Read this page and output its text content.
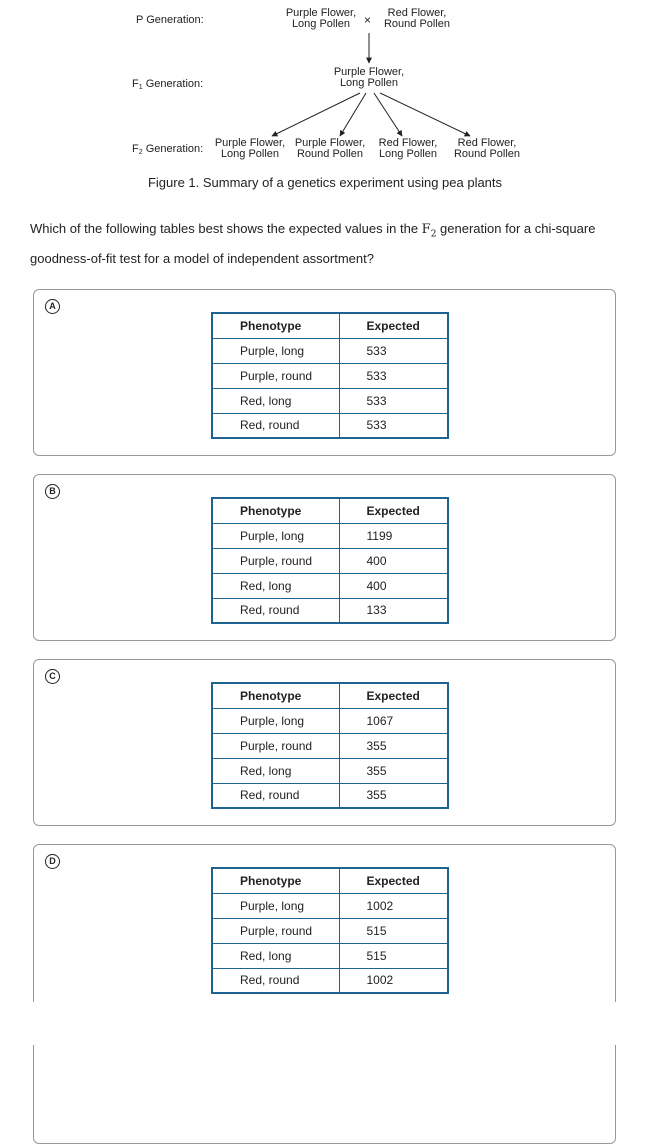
P Generation:
$F_1$ Generation:
$F_2$ Generation:
Purple Flower,
Long Pollen	×	Red Flower,
Round Pollen
Purple Flower,
Long Pollen
Purple Flower,
Long Pollen
Purple Flower,
Round Pollen
Red Flower,
Long Pollen
Red Flower,
Round Pollen
Figure 1. Summary of a genetics experiment using pea plants
Which of the following tables best shows the expected values in the $F_2$ generation for a chi-square goodness-of-fit test for a model of independent assortment?
A
Phenotype	Expected
Purple, long	533
Purple, round	533
Red, long	533
Red, round	533
B
Phenotype	Expected
Purple, long	1199
Purple, round	400
Red, long	400
Red, round	133
C
Phenotype	Expected
Purple, long	1067
Purple, round	355
Red, long	355
Red, round	355
D
Phenotype	Expected
Purple, long	1002
Purple, round	515
Red, long	515
Red, round	1002
